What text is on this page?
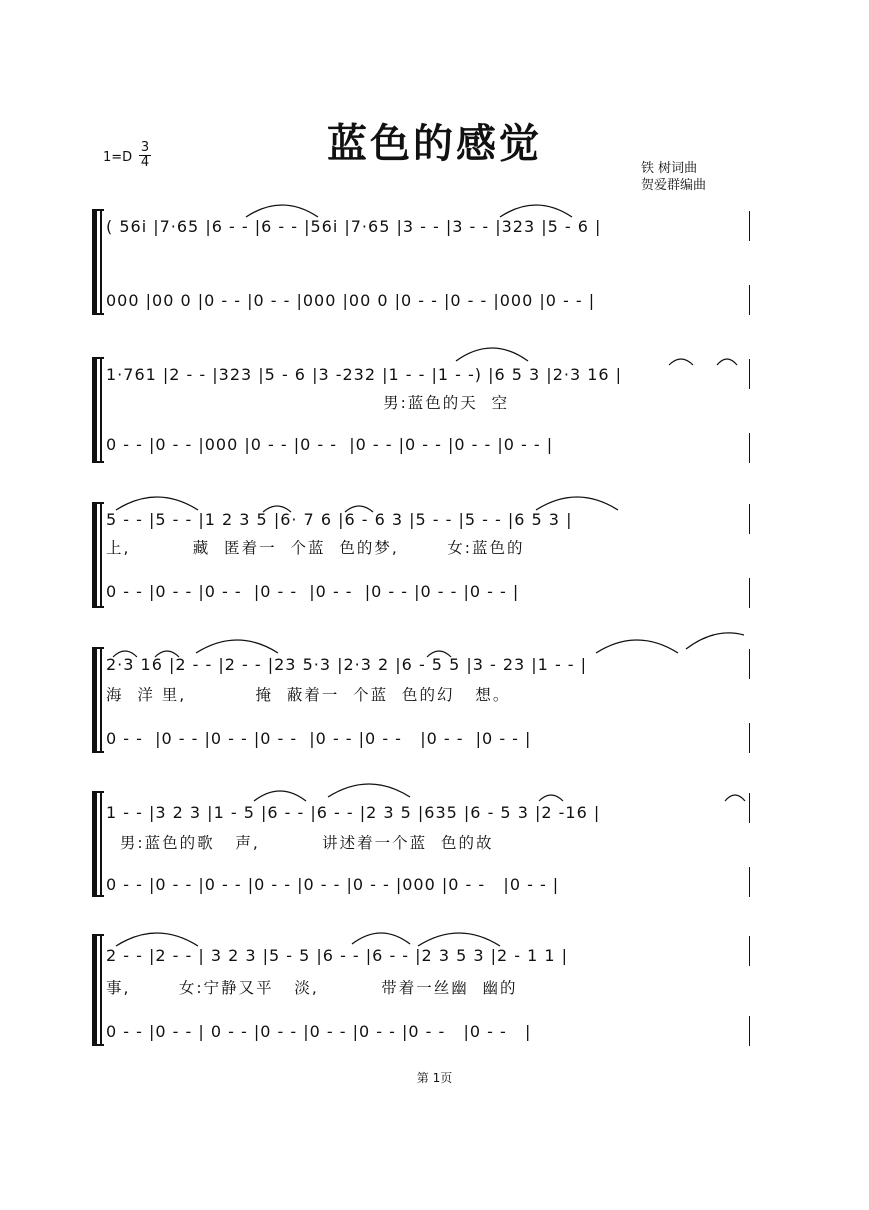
蓝色的感觉
1=D
3
4	铁 树词曲
贺爱群编曲
( 56i |7·65 |6 - - |6 - - |56i |7·65 |3 - - |3 - - |323 |5 - 6 |
000 |00 0 |0 - - |0 - - |000 |00 0 |0 - - |0 - - |000 |0 - - |
1·761 |2 - - |323 |5 - 6 |3 -232 |1 - - |1 - -) |6 5 3 |2·3 16 |
男:蓝色的天  空
0 - - |0 - - |000 |0 - - |0 - -  |0 - - |0 - - |0 - - |0 - - |
5 - - |5 - - |1 2 3 5 |6· 7 6 |6 - 6 3 |5 - - |5 - - |6 5 3 |
上,         藏  匿着一  个蓝  色的梦,       女:蓝色的
0 - - |0 - - |0 - -  |0 - -  |0 - -  |0 - - |0 - - |0 - - |
2·3 16 |2 - - |2 - - |23 5·3 |2·3 2 |6 - 5 5 |3 - 23 |1 - - |
海  洋 里,          掩  蔽着一  个蓝  色的幻   想。
0 - -  |0 - - |0 - - |0 - -  |0 - - |0 - -   |0 - -  |0 - - |
1 - - |3 2 3 |1 - 5 |6 - - |6 - - |2 3 5 |635 |6 - 5 3 |2 -16 |
男:蓝色的歌   声,         讲述着一个蓝  色的故
0 - - |0 - - |0 - - |0 - - |0 - - |0 - - |000 |0 - -   |0 - - |
2 - - |2 - - | 3 2 3 |5 - 5 |6 - - |6 - - |2 3 5 3 |2 - 1 1 |
事,       女:宁静又平   淡,         带着一丝幽  幽的
0 - - |0 - - | 0 - - |0 - - |0 - - |0 - - |0 - -   |0 - -   |
第 1页
